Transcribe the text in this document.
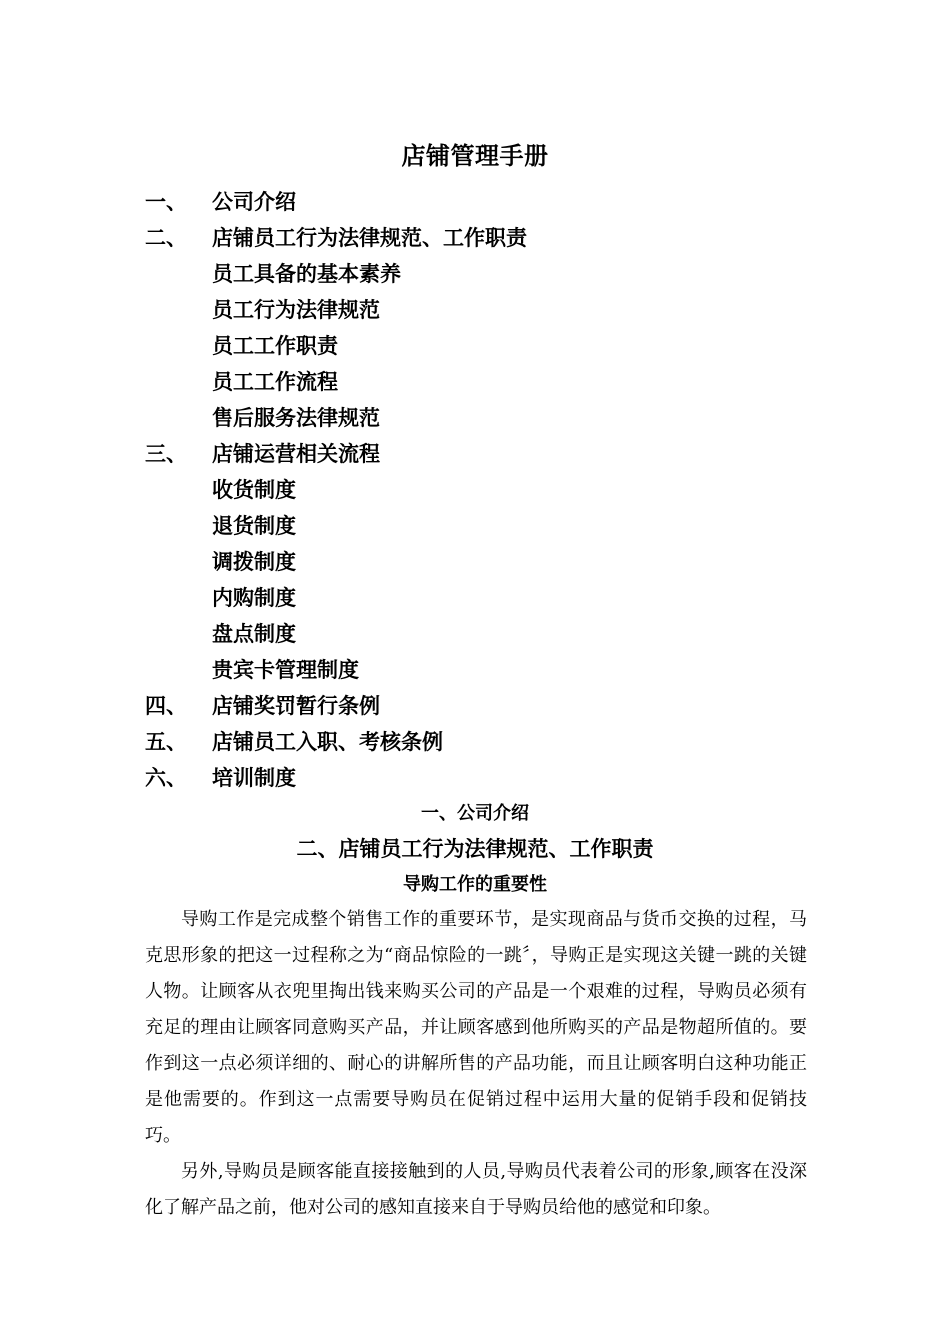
店铺管理手册
一、 公司介绍
二、 店铺员工行为法律规范、工作职责
员工具备的基本素养
员工行为法律规范
员工工作职责
员工工作流程
售后服务法律规范
三、 店铺运营相关流程
收货制度
退货制度
调拨制度
内购制度
盘点制度
贵宾卡管理制度
四、 店铺奖罚暂行条例
五、 店铺员工入职、考核条例
六、 培训制度
一、公司介绍
二、店铺员工行为法律规范、工作职责
导购工作的重要性

导购工作是完成整个销售工作的重要环节，是实现商品与货币交换的过程，马克思形象的把这一过程称之为“商品惊险的一跳〞，导购正是实现这关键一跳的关键人物。让顾客从衣兜里掏出钱来购买公司的产品是一个艰难的过程，导购员必须有充足的理由让顾客同意购买产品，并让顾客感到他所购买的产品是物超所值的。要作到这一点必须详细的、耐心的讲解所售的产品功能，而且让顾客明白这种功能正是他需要的。作到这一点需要导购员在促销过程中运用大量的促销手段和促销技巧。

另外,导购员是顾客能直接接触到的人员,导购员代表着公司的形象,顾客在没深化了解产品之前，他对公司的感知直接来自于导购员给他的感觉和印象。
